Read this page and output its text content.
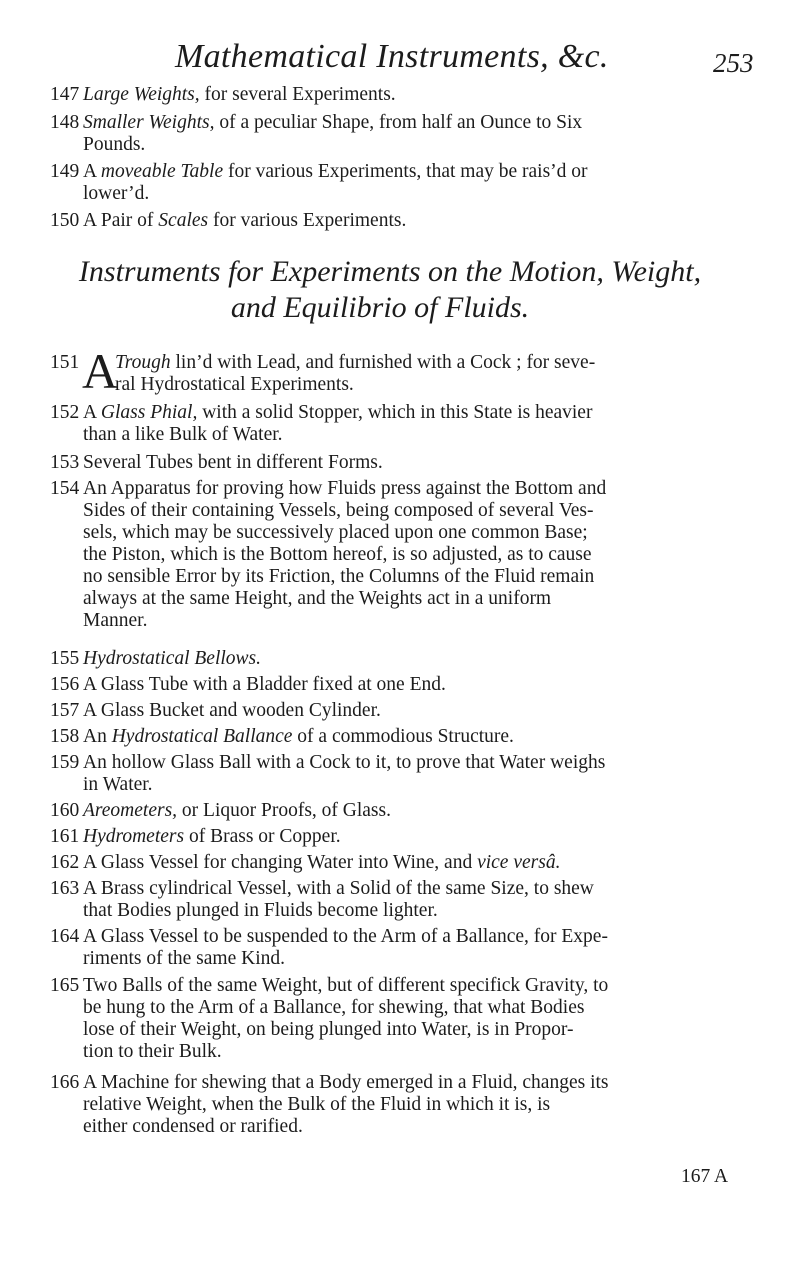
Mathematical Instruments, &c.	253
147 Large Weights, for several Experiments.
148 Smaller Weights, of a peculiar Shape, from half an Ounce to Six
Pounds.
149 A moveable Table for various Experiments, that may be rais’d or
lower’d.
150 A Pair of Scales for various Experiments.
Instruments for Experiments on the Motion, Weight,
and Equilibrio of Fluids.
151 Trough lin’d with Lead, and furnished with a Cock ; for seve-
ral Hydrostatical Experiments.
A
152 A Glass Phial, with a solid Stopper, which in this State is heavier
than a like Bulk of Water.
153 Several Tubes bent in different Forms.
154 An Apparatus for proving how Fluids press against the Bottom and
Sides of their containing Vessels, being composed of several Ves-
sels, which may be successively placed upon one common Base;
the Piston, which is the Bottom hereof, is so adjusted, as to cause
no sensible Error by its Friction, the Columns of the Fluid remain
always at the same Height, and the Weights act in a uniform
Manner.
155 Hydrostatical Bellows.
156 A Glass Tube with a Bladder fixed at one End.
157 A Glass Bucket and wooden Cylinder.
158 An Hydrostatical Ballance of a commodious Structure.
159 An hollow Glass Ball with a Cock to it, to prove that Water weighs
in Water.
160 Areometers, or Liquor Proofs, of Glass.
161 Hydrometers of Brass or Copper.
162 A Glass Vessel for changing Water into Wine, and vice versâ.
163 A Brass cylindrical Vessel, with a Solid of the same Size, to shew
that Bodies plunged in Fluids become lighter.
164 A Glass Vessel to be suspended to the Arm of a Ballance, for Expe-
riments of the same Kind.
165 Two Balls of the same Weight, but of different specifick Gravity, to
be hung to the Arm of a Ballance, for shewing, that what Bodies
lose of their Weight, on being plunged into Water, is in Propor-
tion to their Bulk.
166 A Machine for shewing that a Body emerged in a Fluid, changes its
relative Weight, when the Bulk of the Fluid in which it is, is
either condensed or rarified.
167 A
